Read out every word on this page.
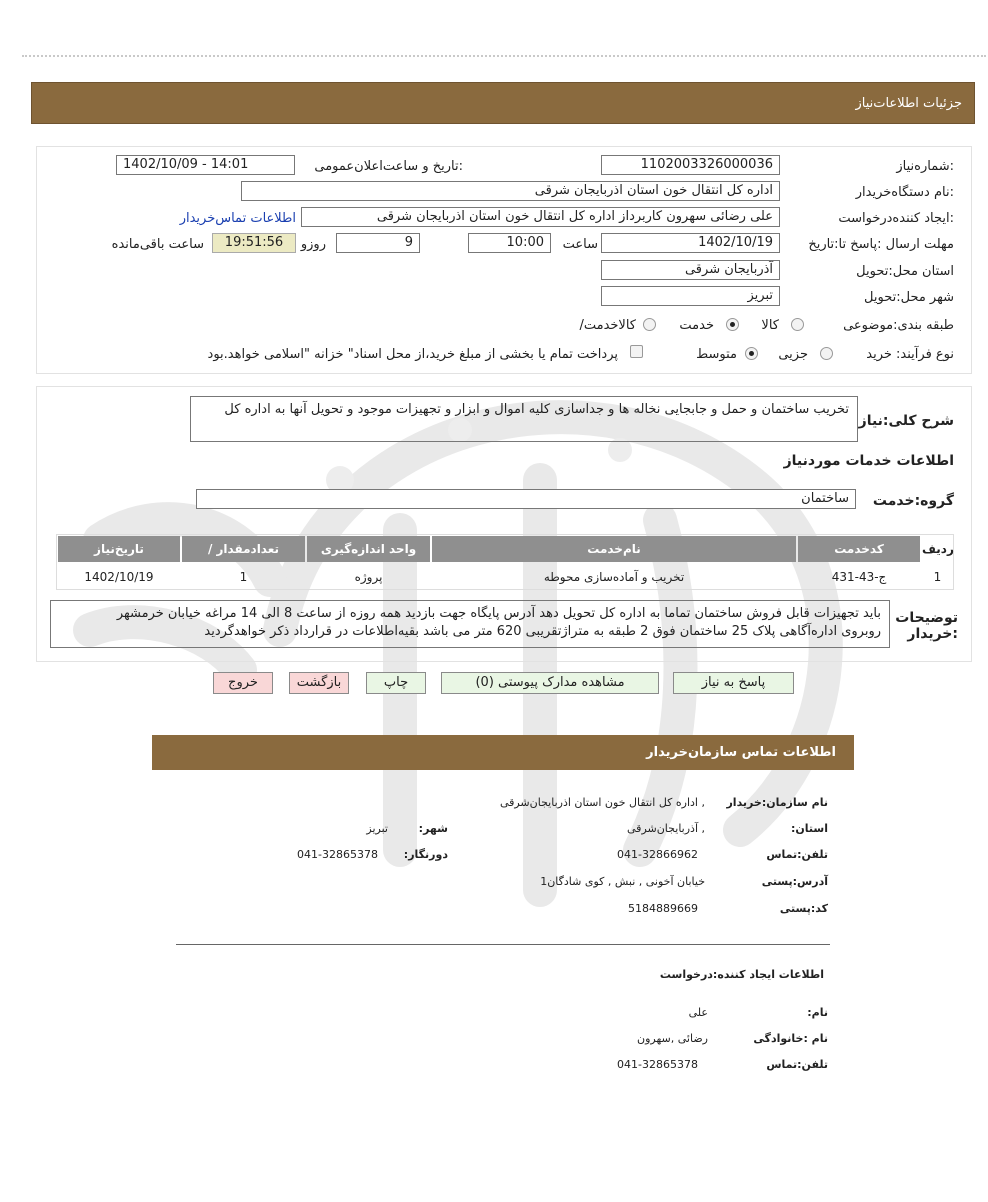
جزئیات اطلاعات‌نیاز
شماره‌نیاز:
1102003326000036
تاریخ و ساعت‌اعلان‌عمومی:
1402/10/09 - 14:01
نام دستگاه‌خریدار:
اداره کل انتقال خون استان اذربایجان شرقی
ایجاد کننده‌درخواست:
علی رضائی سهرون کاربرداز اداره کل انتقال خون استان اذربایجان شرقی
اطلاعات تماس‌خریدار
مهلت ارسال :پاسخ تا:تاریخ
1402/10/19
ساعت
10:00
9
روزو
19:51:56
ساعت باقی‌مانده
استان محل:تحویل
آذربایجان شرقی
شهر محل:تحویل
تبریز
طبقه بندی:موضوعی
کالا
خدمت
/کالاخدمت
نوع فرآیند: خرید
جزیی
متوسط
پرداخت تمام یا بخشی از مبلغ خرید،از محل اسناد" خزانه "اسلامی خواهد.بود
شرح کلی:نیاز
تخریب ساختمان و حمل و جابجایی نخاله ها و جداسازی کلیه اموال و ابزار و تجهیزات موجود و تحویل آنها به اداره کل
اطلاعات خدمات موردنیاز
گروه:خدمت
ساختمان
تاریخ‌نیاز	/ تعدادمقدار	واحد اندازه‌گیری	نام‌خدمت	کدخدمت	ردیف
1402/10/19	1	پروژه	تخریب و آماده‌سازی محوطه	ج-43-431	1
توضیحات :خریدار
باید تجهیزات قابل فروش ساختمان تماما به اداره کل تحویل دهد آدرس پایگاه جهت بازدید همه روزه از ساعت 8 الی 14 مراغه خیابان خرمشهر
روبروی اداره‌آگاهی پلاک 25 ساختمان فوق 2 طبقه به متراژتقریبی 620 متر می باشد بقیه‌اطلاعات در قرارداد ذکر خواهدگردید
پاسخ به نیاز
مشاهده مدارک پیوستی (0)
چاپ
بازگشت
خروج
اطلاعات تماس سازمان‌خریدار
نام سازمان:خریدار
اداره کل انتقال خون استان اذربایجان‌شرقی ,
:استان
آذربایجان‌شرقی ,
:شهر
تبریز
تلفن:تماس
041-32866962
:دورنگار
041-32865378
آدرس:پستی
خیابان آخونی , نبش , کوی شادگان1
کد:پستی
5184889669
اطلاعات ایجاد کننده:درخواست
:نام
علی
نام :خانوادگی
رضائی ,سهرون
تلفن:تماس
041-32865378
